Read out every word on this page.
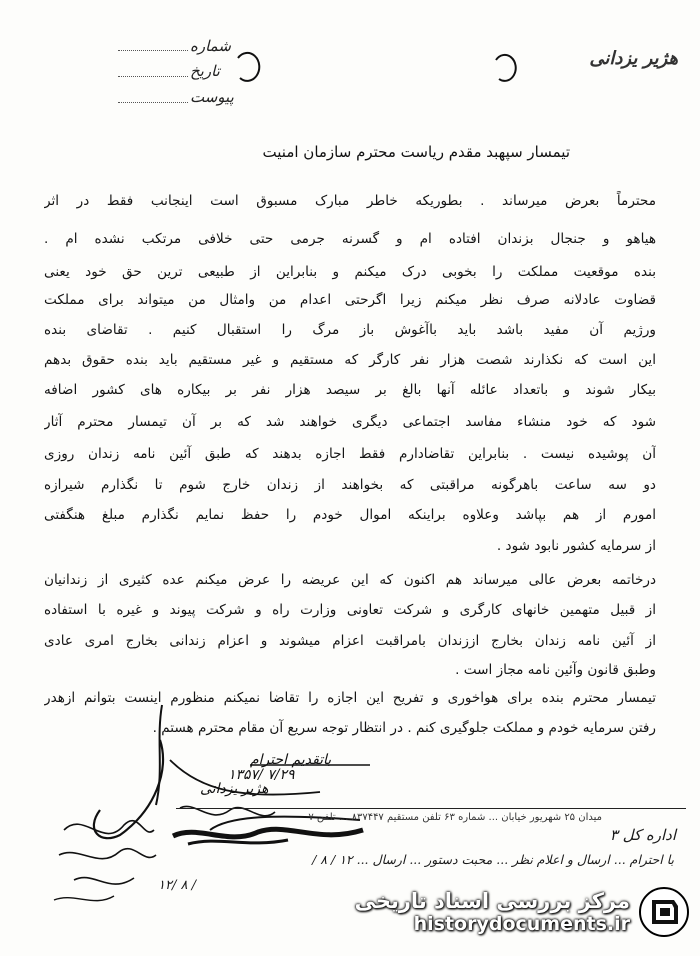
شماره
تاریخ
پیوست
هژیر یزدانی
تیمسار سپهبد مقدم ریاست محترم سازمان امنیت
محترماً بعرض میرساند . بطوریکه خاطر مبارک مسبوق است اینجانب فقط در اثر
هیاهو و جنجال بزندان افتاده ام و گسرنه جرمی حتی خلافی مرتکب نشده ام .
بنده موقعیت مملکت را بخوبی درک میکنم و بنابراین از طبیعی ترین حق خود یعنی
قضاوت عادلانه صرف نظر میکنم زیرا اگرحتی اعدام من وامثال من میتواند برای مملکت
ورژیم آن مفید باشد باید باآغوش باز مرگ را استقبال کنیم . تقاضای بنده
این است که نکذارند شصت هزار نفر کارگر که مستقیم و غیر مستقیم باید بنده حقوق بدهم
بیکار شوند و باتعداد عائله آنها بالغ بر سیصد هزار نفر بر بیکاره های کشور اضافه
شود که خود منشاء مفاسد اجتماعی دیگری خواهند شد که بر آن تیمسار محترم آثار
آن پوشیده نیست . بنابراین تقاضادارم فقط اجازه بدهند که طبق آئین نامه زندان روزی
دو سه ساعت باهرگونه مراقبتی که بخواهند از زندان خارج شوم تا نگذارم شیرازه
امورم از هم بپاشد وعلاوه براینکه اموال خودم را حفظ نمایم نگذارم مبلغ هنگفتی
از سرمایه کشور نابود شود .
درخاتمه بعرض عالی میرساند هم اکنون که این عریضه را عرض میکنم عده کثیری از زندانیان
از قبیل متهمین خانهای کارگری و شرکت تعاونی وزارت راه و شرکت پیوند و غیره با استفاده
از آئین نامه زندان بخارج اززندان بامراقبت اعزام میشوند و اعزام زندانی بخارج امری عادی
وطبق قانون وآئین نامه مجاز است .
تیمسار محترم بنده برای هواخوری و تفریح این اجازه را تقاضا نمیکنم منظورم اینست بتوانم ازهدر
رفتن سرمایه خودم و مملکت جلوگیری کنم . در انتظار توجه سریع آن مقام محترم هستم .
باتقدیم احترام
۱۳۵۷/ ۷/۲۹
هژیر یزدانی
میدان ۲۵ شهریور خیابان ... شماره ۶۳ تلفن مستقیم ۸۳۷۴۴۷ ... تلفن ۷
اداره کل ۳
با احترام ... ارسال و اعلام نظر ... محبت دستور ... ارسال ... ۱۲ / ۸ /
۱۲/ ۸ /
مرکز بررسی اسناد تاریخی
historydocuments.ir
